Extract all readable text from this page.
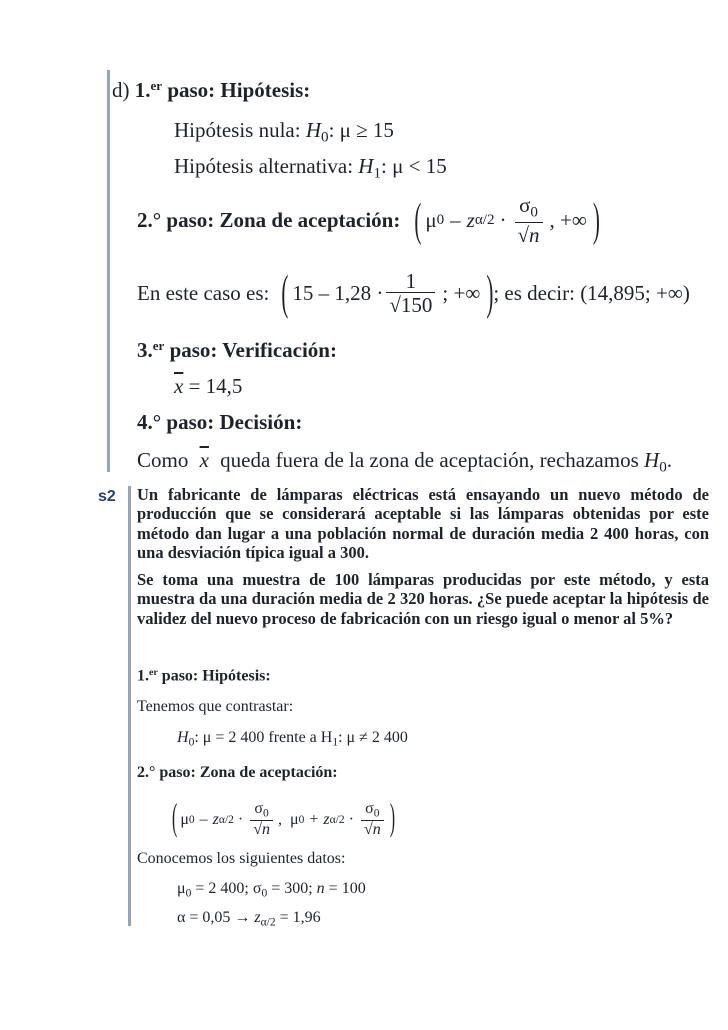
d) 1.$^{er}$ paso: Hipótesis:
Hipótesis nula: $H_0$: μ ≥ 15
Hipótesis alternativa: $H_1$: μ < 15
2.° paso: Zona de aceptación: ( μ 0 – z $\alpha/2 \cdot \frac{\sigma_0}{√n}$ , +∞ )
En este caso es: ( $15 - 1,28 \cdot \frac{1}{√150}$ ; +∞ ) ; es decir: (14,895; +∞)
3.$^{er}$ paso: Verificación:
$\overline{x} = 14,5$
4.° paso: Decisión:
Como $\overline{x}$ queda fuera de la zona de aceptación, rechazamos $H_0$.
s2 Un fabricante de lámparas eléctricas está ensayando un nuevo método de producción que se considerará aceptable si las lámparas obtenidas por este método dan lugar a una población normal de duración media 2 400 horas, con una desviación típica igual a 300.
Se toma una muestra de 100 lámparas producidas por este método, y esta muestra da una duración media de 2 320 horas. ¿Se puede aceptar la hipótesis de validez del nuevo proceso de fabricación con un riesgo igual o menor al 5%?
1.$^{er}$ paso: Hipótesis:
Tenemos que contrastar:
$H_0$: μ = 2 400 frente a $H_1$: μ ≠ 2 400
2.° paso: Zona de aceptación:
( μ 0 – z $\alpha/2 \cdot \frac{\sigma_0}{√n}$ , μ 0 + z $\alpha/2 \cdot \frac{\sigma_0}{√n}$ )
Conocemos los siguientes datos:
$\mu_0 = 2$ 400; $\sigma_0 = 300$; n = 100
$\alpha = 0,05 \to z_{\alpha/2} = 1,96$
